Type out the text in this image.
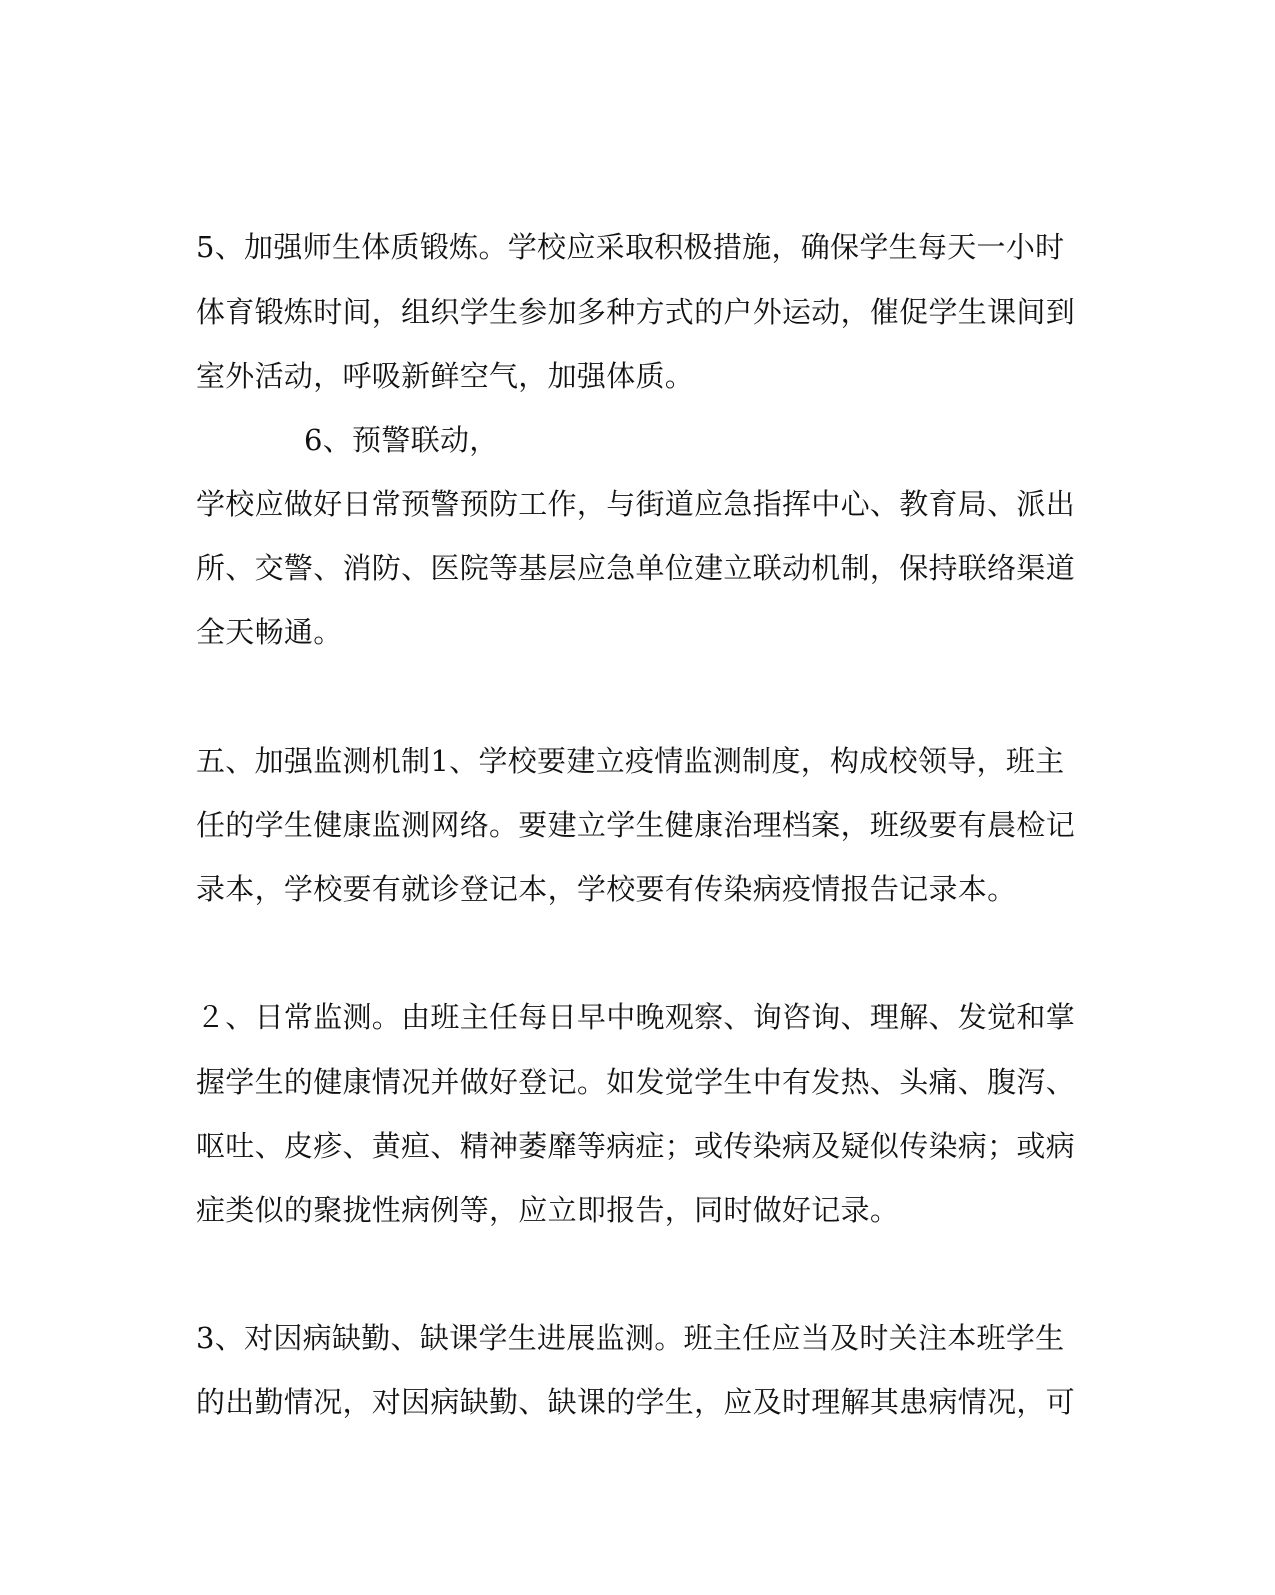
5、加强师生体质锻炼。学校应采取积极措施，确保学生每天一小时
体育锻炼时间，组织学生参加多种方式的户外运动，催促学生课间到
室外活动，呼吸新鲜空气，加强体质。
6、预警联动，
学校应做好日常预警预防工作，与街道应急指挥中心、教育局、派出
所、交警、消防、医院等基层应急单位建立联动机制，保持联络渠道
全天畅通。
五、加强监测机制1、学校要建立疫情监测制度，构成校领导，班主
任的学生健康监测网络。要建立学生健康治理档案，班级要有晨检记
录本，学校要有就诊登记本，学校要有传染病疫情报告记录本。
２、日常监测。由班主任每日早中晚观察、询咨询、理解、发觉和掌
握学生的健康情况并做好登记。如发觉学生中有发热、头痛、腹泻、
呕吐、皮疹、黄疸、精神萎靡等病症；或传染病及疑似传染病；或病
症类似的聚拢性病例等，应立即报告，同时做好记录。
3、对因病缺勤、缺课学生进展监测。班主任应当及时关注本班学生
的出勤情况，对因病缺勤、缺课的学生，应及时理解其患病情况，可
